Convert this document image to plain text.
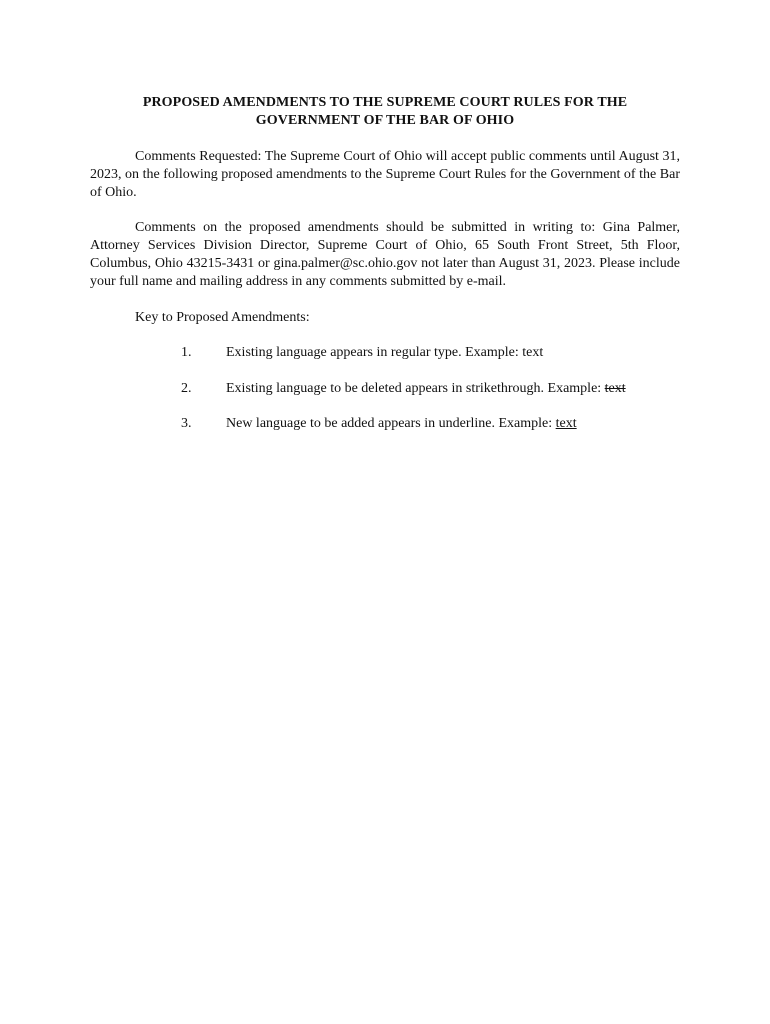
PROPOSED AMENDMENTS TO THE SUPREME COURT RULES FOR THE GOVERNMENT OF THE BAR OF OHIO
Comments Requested: The Supreme Court of Ohio will accept public comments until August 31, 2023, on the following proposed amendments to the Supreme Court Rules for the Government of the Bar of Ohio.
Comments on the proposed amendments should be submitted in writing to: Gina Palmer, Attorney Services Division Director, Supreme Court of Ohio, 65 South Front Street, 5th Floor, Columbus, Ohio 43215-3431 or gina.palmer@sc.ohio.gov not later than August 31, 2023. Please include your full name and mailing address in any comments submitted by e-mail.
Key to Proposed Amendments:
1. Existing language appears in regular type. Example: text
2. Existing language to be deleted appears in strikethrough. Example: text
3. New language to be added appears in underline. Example: text
